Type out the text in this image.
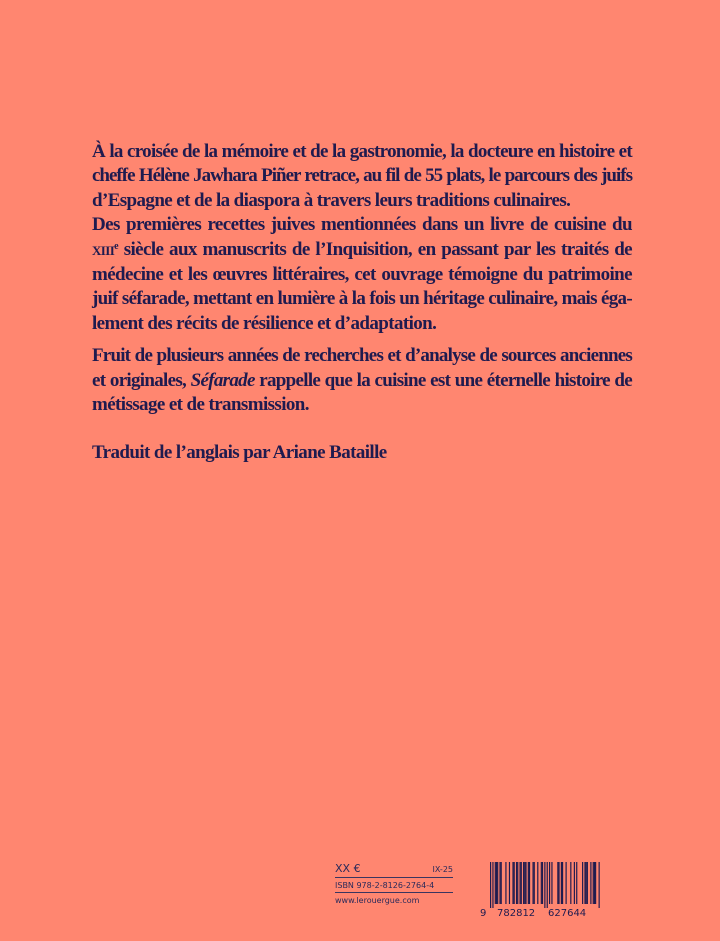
À la croisée de la mémoire et de la gastronomie, la docteure en histoire et
cheffe Hélène Jawhara Piñer retrace, au fil de 55 plats, le parcours des juifs
d’Espagne et de la diaspora à travers leurs traditions culinaires.
Des premières recettes juives mentionnées dans un livre de cuisine du
XIIIe siècle aux manuscrits de l’Inquisition, en passant par les traités de
médecine et les œuvres littéraires, cet ouvrage témoigne du patrimoine
juif séfarade, mettant en lumière à la fois un héritage culinaire, mais éga-
lement des récits de résilience et d’adaptation.
Fruit de plusieurs années de recherches et d’analyse de sources anciennes
et originales, Séfarade rappelle que la cuisine est une éternelle histoire de
métissage et de transmission.
Traduit de l’anglais par Ariane Bataille
XX €	IX-25
ISBN 978-2-8126-2764-4
www.lerouergue.com
9 782812 627644
